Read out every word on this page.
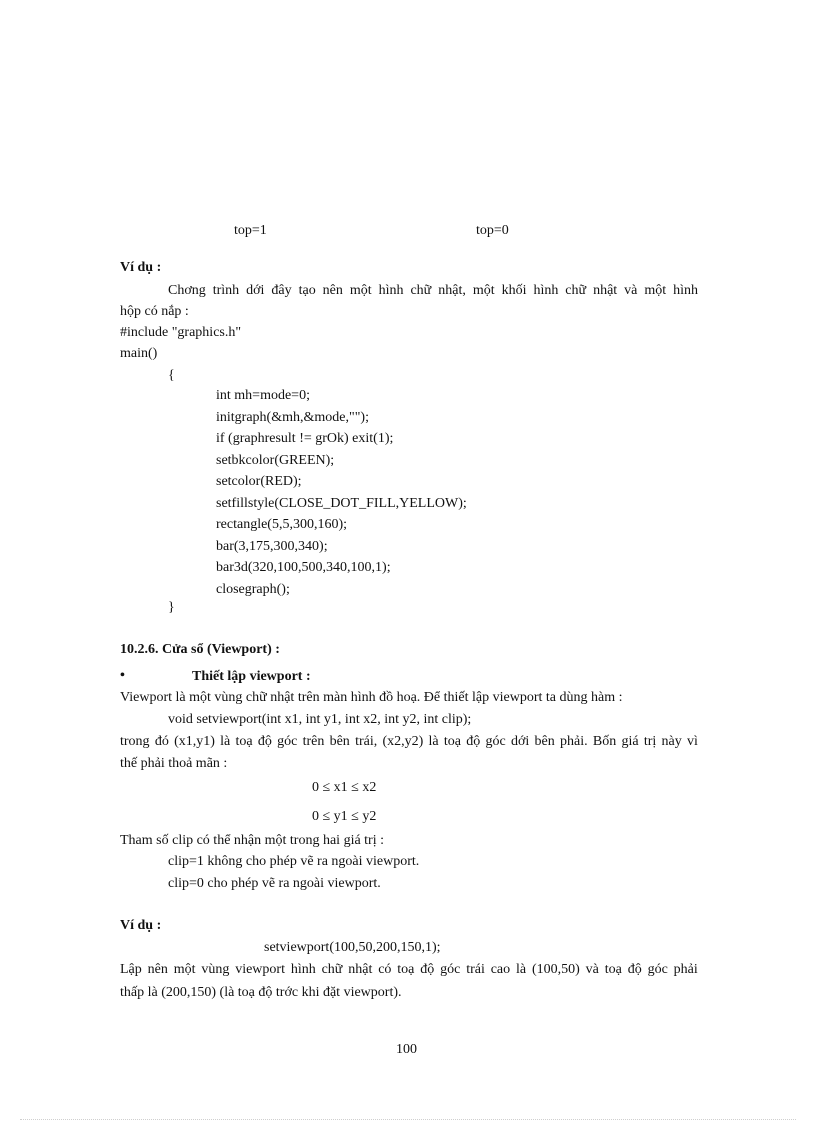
top=1	top=0
Ví dụ :
Chơng trình dới đây tạo nên một hình chữ nhật, một khối hình chữ nhật và một hình
hộp có nắp :
#include "graphics.h"
main()
{
int mh=mode=0;
initgraph(&mh,&mode,"");
if (graphresult != grOk) exit(1);
setbkcolor(GREEN);
setcolor(RED);
setfillstyle(CLOSE_DOT_FILL,YELLOW);
rectangle(5,5,300,160);
bar(3,175,300,340);
bar3d(320,100,500,340,100,1);
closegraph();
}
10.2.6. Cửa sổ (Viewport) :
•	Thiết lập viewport :
Viewport là một vùng chữ nhật trên màn hình đồ hoạ. Để thiết lập viewport ta dùng hàm :
void setviewport(int x1, int y1, int x2, int y2, int clip);
trong đó (x1,y1) là toạ độ góc trên bên trái, (x2,y2) là toạ độ góc dới bên phải. Bốn giá trị này vì
thế phải thoả mãn :
0 ≤ x1 ≤ x2
0 ≤ y1 ≤ y2
Tham số clip có thể nhận một trong hai giá trị :
clip=1 không cho phép vẽ ra ngoài viewport.
clip=0 cho phép vẽ ra ngoài viewport.
Ví dụ :
setviewport(100,50,200,150,1);
Lập nên một vùng viewport hình chữ nhật có toạ độ góc trái cao là (100,50) và toạ độ góc phải
thấp là (200,150) (là toạ độ trớc khi đặt viewport).
100
